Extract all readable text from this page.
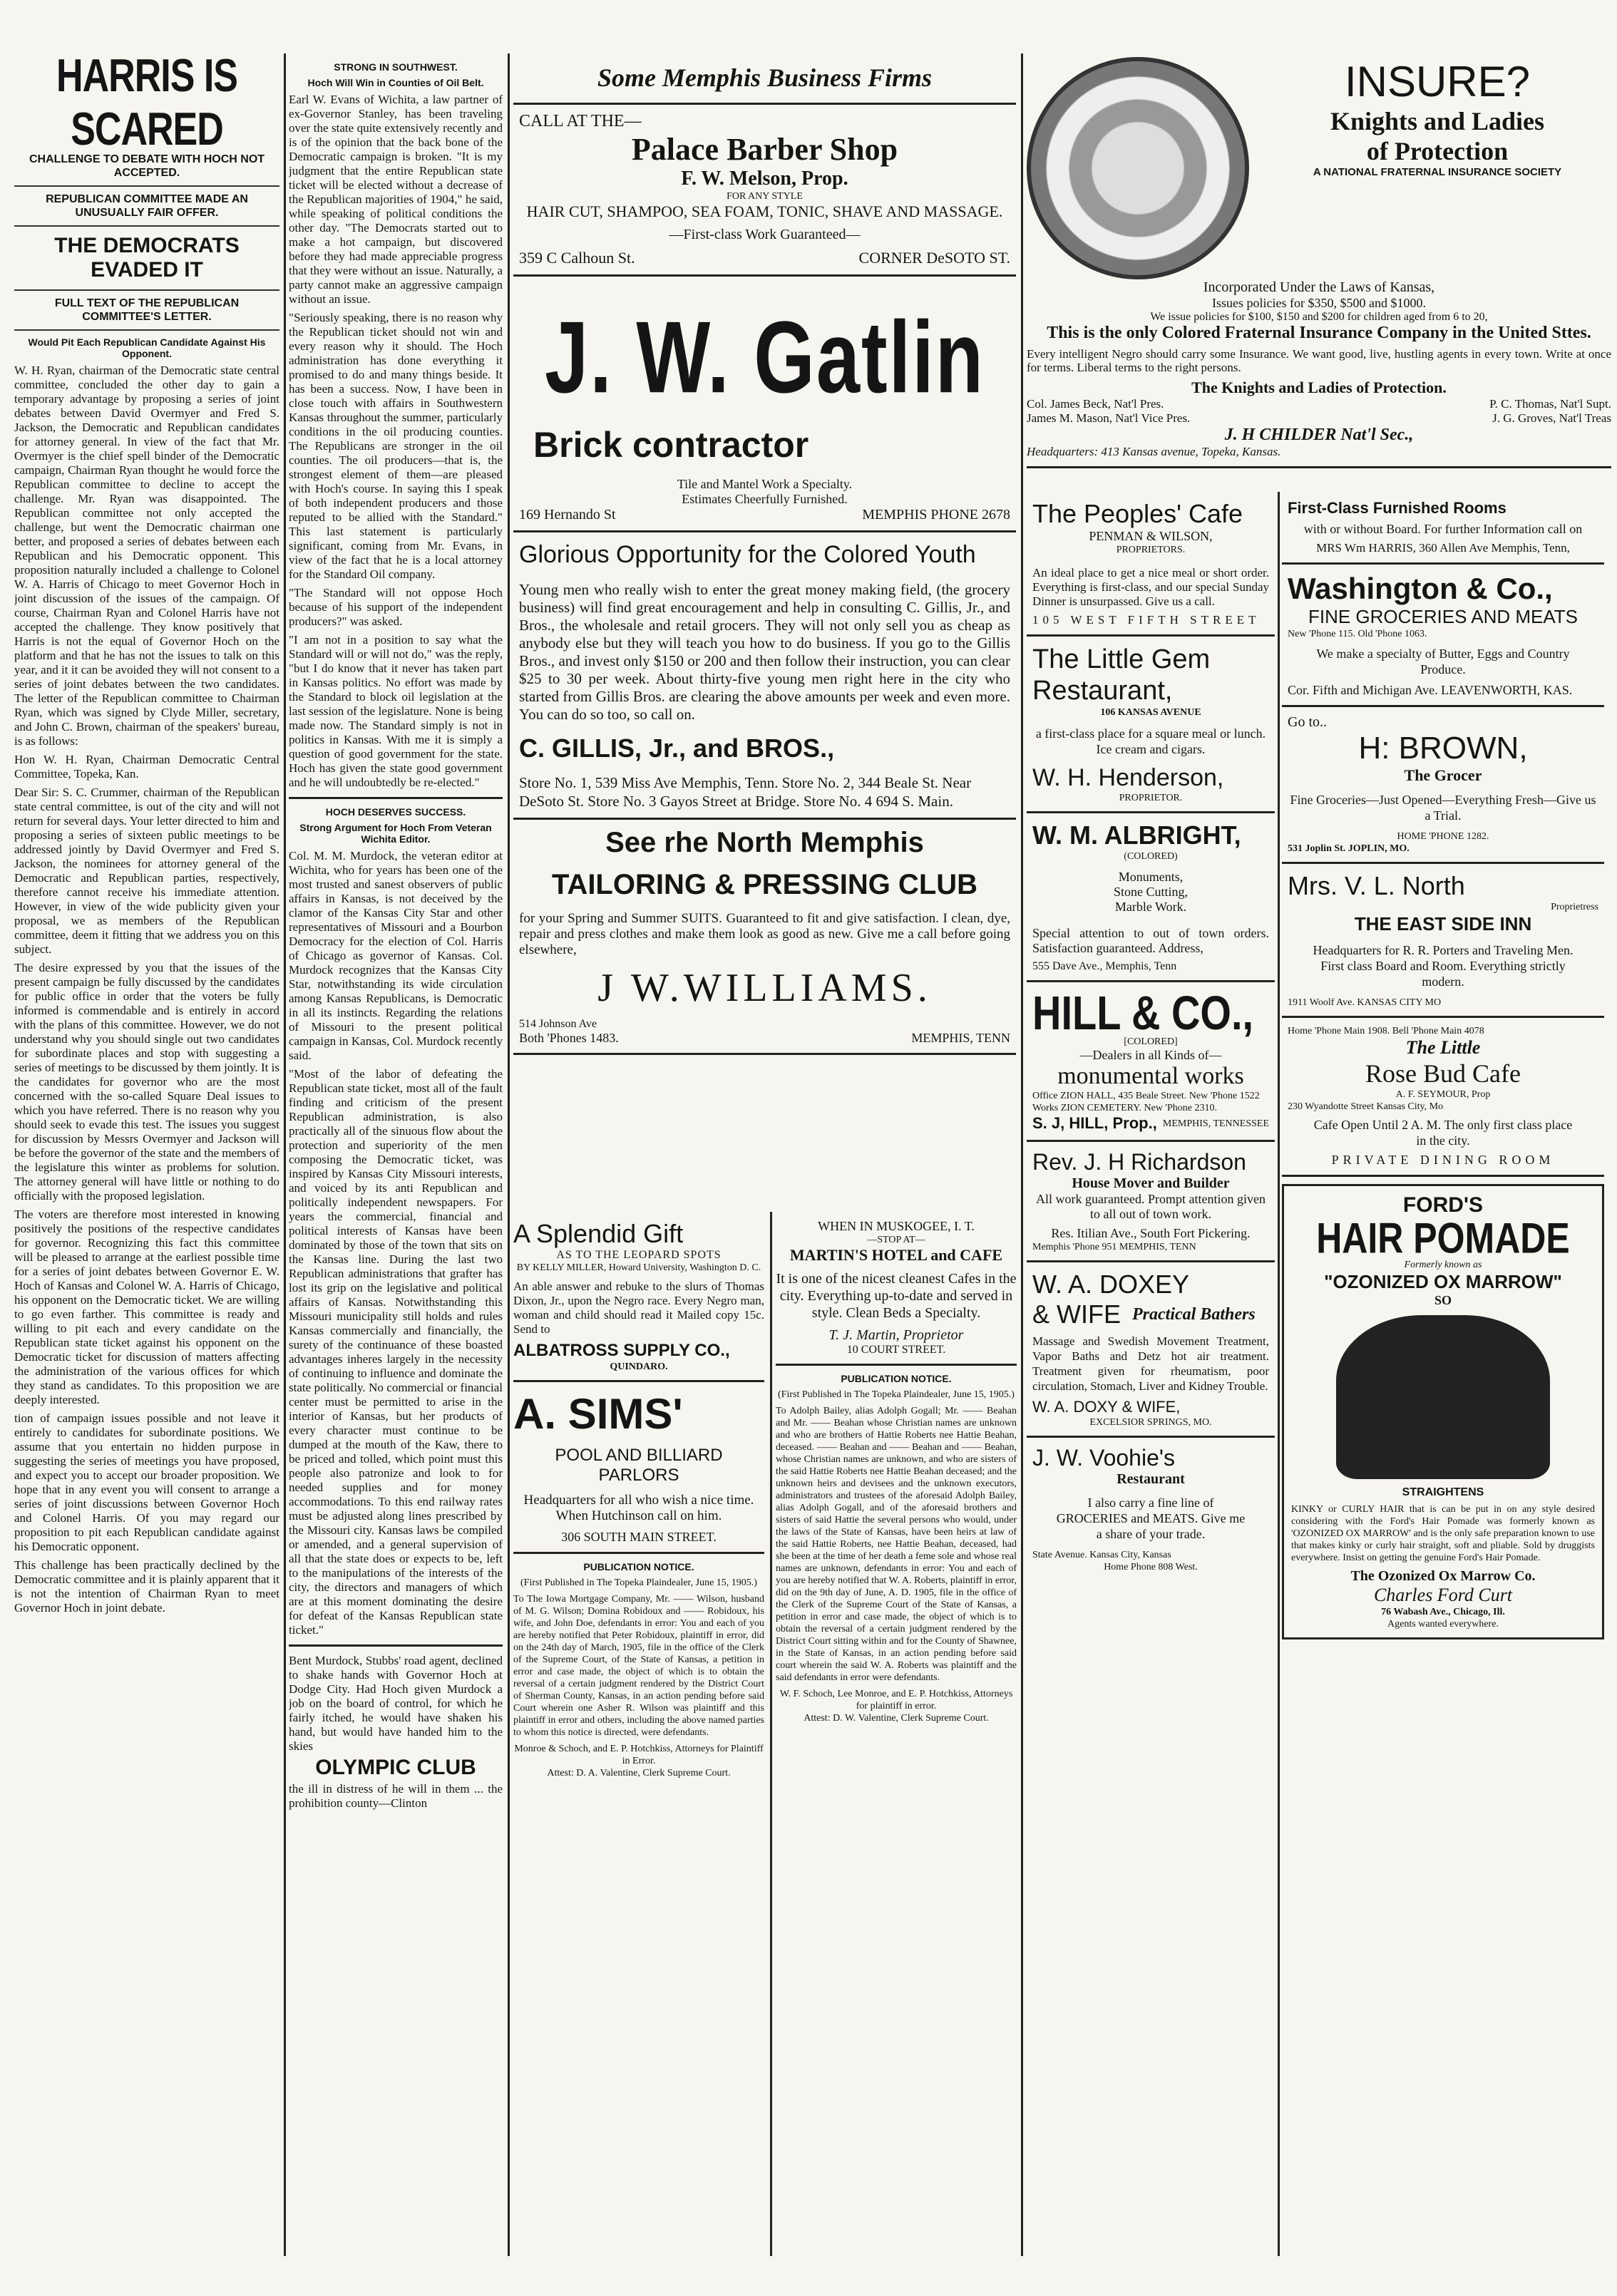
HARRIS IS SCARED
CHALLENGE TO DEBATE WITH HOCH NOT ACCEPTED.
REPUBLICAN COMMITTEE MADE AN UNUSUALLY FAIR OFFER.
THE DEMOCRATS EVADED IT
FULL TEXT OF THE REPUBLICAN COMMITTEE'S LETTER.
Would Pit Each Republican Candidate Against His Opponent.

W. H. Ryan, chairman of the Democratic state central committee, concluded the other day to gain a temporary advantage by proposing a series of joint debates between David Overmyer and Fred S. Jackson, the Democratic and Republican candidates for attorney general. In view of the fact that Mr. Overmyer is the chief spell binder of the Democratic campaign, Chairman Ryan thought he would force the Republican committee to decline to accept the challenge. Mr. Ryan was disappointed. The Republican committee not only accepted the challenge, but went the Democratic chairman one better, and proposed a series of debates between each Republican and his Democratic opponent. This proposition naturally included a challenge to Colonel W. A. Harris of Chicago to meet Governor Hoch in joint discussion of the issues of the campaign. Of course, Chairman Ryan and Colonel Harris have not accepted the challenge. They know positively that Harris is not the equal of Governor Hoch on the platform and that he has not the issues to talk on this year, and it it can be avoided they will not consent to a series of joint debates between the two candidates. The letter of the Republican committee to Chairman Ryan, which was signed by Clyde Miller, secretary, and John C. Brown, chairman of the speakers' bureau, is as follows:

Hon W. H. Ryan, Chairman Democratic Central Committee, Topeka, Kan.

Dear Sir: S. C. Crummer, chairman of the Republican state central committee, is out of the city and will not return for several days. Your letter directed to him and proposing a series of sixteen public meetings to be addressed jointly by David Overmyer and Fred S. Jackson, the nominees for attorney general of the Democratic and Republican parties, respectively, therefore cannot receive his immediate attention. However, in view of the wide publicity given your proposal, we as members of the Republican committee, deem it fitting that we address you on this subject.

The desire expressed by you that the issues of the present campaign be fully discussed by the candidates for public office in order that the voters be fully informed is commendable and is entirely in accord with the plans of this committee. However, we do not understand why you should single out two candidates for subordinate places and stop with suggesting a series of meetings to be discussed by them jointly. It is the candidates for governor who are the most concerned with the so-called Square Deal issues to which you have referred. There is no reason why you should seek to evade this test. The issues you suggest for discussion by Messrs Overmyer and Jackson will be before the governor of the state and the members of the legislature this winter as problems for solution. The attorney general will have little or nothing to do officially with the proposed legislation.

The voters are therefore most interested in knowing positively the positions of the respective candidates for governor. Recognizing this fact this committee will be pleased to arrange at the earliest possible time for a series of joint debates between Governor E. W. Hoch of Kansas and Colonel W. A. Harris of Chicago, his opponent on the Democratic ticket. We are willing to go even farther. This committee is ready and willing to pit each and every candidate on the Republican state ticket against his opponent on the Democratic ticket for discussion of matters affecting the administration of the various offices for which they stand as candidates. To this proposition we are deeply interested.

tion of campaign issues possible and not leave it entirely to candidates for subordinate positions. We assume that you entertain no hidden purpose in suggesting the series of meetings you have proposed, and expect you to accept our broader proposition. We hope that in any event you will consent to arrange a series of joint discussions between Governor Hoch and Colonel Harris. Of you may regard our proposition to pit each Republican candidate against his Democratic opponent.

This challenge has been practically declined by the Democratic committee and it is plainly apparent that it is not the intention of Chairman Ryan to meet Governor Hoch in joint debate.

STRONG IN SOUTHWEST.
Hoch Will Win in Counties of Oil Belt.

Earl W. Evans of Wichita, a law partner of ex-Governor Stanley, has been traveling over the state quite extensively recently and is of the opinion that the back bone of the Democratic campaign is broken. "It is my judgment that the entire Republican state ticket will be elected without a decrease of the Republican majorities of 1904," he said, while speaking of political conditions the other day. "The Democrats started out to make a hot campaign, but discovered before they had made appreciable progress that they were without an issue. Naturally, a party cannot make an aggressive campaign without an issue.

"Seriously speaking, there is no reason why the Republican ticket should not win and every reason why it should. The Hoch administration has done everything it promised to do and many things beside. It has been a success. Now, I have been in close touch with affairs in Southwestern Kansas throughout the summer, particularly conditions in the oil producing counties. The Republicans are stronger in the oil counties. The oil producers—that is, the strongest element of them—are pleased with Hoch's course. In saying this I speak of both independent producers and those reputed to be allied with the Standard." This last statement is particularly significant, coming from Mr. Evans, in view of the fact that he is a local attorney for the Standard Oil company.

"The Standard will not oppose Hoch because of his support of the independent producers?" was asked.

"I am not in a position to say what the Standard will or will not do," was the reply, "but I do know that it never has taken part in Kansas politics. No effort was made by the Standard to block oil legislation at the last session of the legislature. None is being made now. The Standard simply is not in politics in Kansas. With me it is simply a question of good government for the state. Hoch has given the state good government and he will undoubtedly be re-elected."

HOCH DESERVES SUCCESS.
Strong Argument for Hoch From Veteran Wichita Editor.

Col. M. M. Murdock, the veteran editor at Wichita, who for years has been one of the most trusted and sanest observers of public affairs in Kansas, is not deceived by the clamor of the Kansas City Star and other representatives of Missouri and a Bourbon Democracy for the election of Col. Harris of Chicago as governor of Kansas. Col. Murdock recognizes that the Kansas City Star, notwithstanding its wide circulation among Kansas Republicans, is Democratic in all its instincts. Regarding the relations of Missouri to the present political campaign in Kansas, Col. Murdock recently said.

"Most of the labor of defeating the Republican state ticket, most all of the fault finding and criticism of the present Republican administration, is also practically all of the sinuous flow about the protection and superiority of the men composing the Democratic ticket, was inspired by Kansas City Missouri interests, and voiced by its anti Republican and politically independent newspapers. For years the commercial, financial and political interests of Kansas have been dominated by those of the town that sits on the Kansas line. During the last two Republican administrations that grafter has lost its grip on the legislative and political affairs of Kansas. Notwithstanding this Missouri municipality still holds and rules Kansas commercially and financially, the surety of the continuance of these boasted advantages inheres largely in the necessity of continuing to influence and dominate the state politically. No commercial or financial center must be permitted to arise in the interior of Kansas, but her products of every character must continue to be dumped at the mouth of the Kaw, there to be priced and tolled, which point must this people also patronize and look to for needed supplies and for money accommodations. To this end railway rates must be adjusted along lines prescribed by the Missouri city. Kansas laws be compiled or amended, and a general supervision of all that the state does or expects to be, left to the manipulations of the interests of the city, the directors and managers of which are at this moment dominating the desire for defeat of the Kansas Republican state ticket."

Bent Murdock, Stubbs' road agent, declined to shake hands with Governor Hoch at Dodge City. Had Hoch given Murdock a job on the board of control, for which he fairly itched, he would have shaken his hand, but would have handed him to the skies

OLYMPIC CLUB

the ill in distress of he will in them ... the prohibition county—Clinton

Some Memphis Business Firms
CALL AT THE—
Palace Barber Shop
F. W. Melson, Prop.
FOR ANY STYLE
HAIR CUT, SHAMPOO, SEA FOAM, TONIC, SHAVE AND MASSAGE.
—First-class Work Guaranteed—
359 C Calhoun St.	CORNER DeSOTO ST.
J. W. Gatlin
Brick contractor
Tile and Mantel Work a Specialty.
Estimates Cheerfully Furnished.
169 Hernando St	MEMPHIS PHONE 2678
Glorious Opportunity for the Colored Youth

Young men who really wish to enter the great money making field, (the grocery business) will find great encouragement and help in consulting C. Gillis, Jr., and Bros., the wholesale and retail grocers. They will not only sell you as cheap as anybody else but they will teach you how to do business. If you go to the Gillis Bros., and invest only $150 or 200 and then follow their instruction, you can clear $25 to 30 per week. About thirty-five young men right here in the city who started from Gillis Bros. are clearing the above amounts per week and even more. You can do so too, so call on.

C. GILLIS, Jr., and BROS.,
Store No. 1, 539 Miss Ave Memphis, Tenn. Store No. 2, 344 Beale St. Near DeSoto St. Store No. 3 Gayos Street at Bridge. Store No. 4 694 S. Main.
See rhe North Memphis
TAILORING & PRESSING CLUB

for your Spring and Summer SUITS. Guaranteed to fit and give satisfaction. I clean, dye, repair and press clothes and make them look as good as new. Give me a call before going elsewhere,

J W.WILLIAMS.
514 Johnson Ave
Both 'Phones 1483.	MEMPHIS, TENN
A Splendid Gift
AS TO THE LEOPARD SPOTS
BY KELLY MILLER, Howard University, Washington D. C.

An able answer and rebuke to the slurs of Thomas Dixon, Jr., upon the Negro race. Every Negro man, woman and child should read it Mailed copy 15c. Send to

ALBATROSS SUPPLY CO.,
QUINDARO.
A. SIMS'
POOL AND BILLIARD PARLORS

Headquarters for all who wish a nice time. When Hutchinson call on him.

306 SOUTH MAIN STREET.
PUBLICATION NOTICE.
(First Published in The Topeka Plaindealer, June 15, 1905.)

To The Iowa Mortgage Company, Mr. —— Wilson, husband of M. G. Wilson; Domina Robidoux and —— Robidoux, his wife, and John Doe, defendants in error: You and each of you are hereby notified that Peter Robidoux, plaintiff in error, did on the 24th day of March, 1905, file in the office of the Clerk of the Supreme Court, of the State of Kansas, a petition in error and case made, the object of which is to obtain the reversal of a certain judgment rendered by the District Court of Sherman County, Kansas, in an action pending before said Court wherein one Asher R. Wilson was plaintiff and this plaintiff in error and others, including the above named parties to whom this notice is directed, were defendants.

Monroe & Schoch, and E. P. Hotchkiss, Attorneys for Plaintiff in Error.
Attest: D. A. Valentine, Clerk Supreme Court.
WHEN IN MUSKOGEE, I. T.
—STOP AT—
MARTIN'S HOTEL and CAFE

It is one of the nicest cleanest Cafes in the city. Everything up-to-date and served in style. Clean Beds a Specialty.

T. J. Martin, Proprietor
10 COURT STREET.
PUBLICATION NOTICE.
(First Published in The Topeka Plaindealer, June 15, 1905.)

To Adolph Bailey, alias Adolph Gogall; Mr. —— Beahan and Mr. —— Beahan whose Christian names are unknown and who are brothers of Hattie Roberts nee Hattie Beahan, deceased. —— Beahan and —— Beahan and —— Beahan, whose Christian names are unknown, and who are sisters of the said Hattie Roberts nee Hattie Beahan deceased; and the unknown heirs and devisees and the unknown executors, administrators and trustees of the aforesaid Adolph Bailey, alias Adolph Gogall, and of the aforesaid brothers and sisters of said Hattie the several persons who would, under the laws of the State of Kansas, have been heirs at law of the said Hattie Roberts, nee Hattie Beahan, deceased, had she been at the time of her death a feme sole and whose real names are unknown, defendants in error: You and each of you are hereby notified that W. A. Roberts, plaintiff in error, did on the 9th day of June, A. D. 1905, file in the office of the Clerk of the Supreme Court of the State of Kansas, a petition in error and case made, the object of which is to obtain the reversal of a certain judgment rendered by the District Court sitting within and for the County of Shawnee, in the State of Kansas, in an action pending before said court wherein the said W. A. Roberts was plaintiff and the said defendants in error were defendants.

W. F. Schoch, Lee Monroe, and E. P. Hotchkiss, Attorneys for plaintiff in error.
Attest: D. W. Valentine, Clerk Supreme Court.
INSURE?
Knights and Ladies
of Protection
A NATIONAL FRATERNAL INSURANCE SOCIETY
Incorporated Under the Laws of Kansas,
Issues policies for $350, $500 and $1000.
We issue policies for $100, $150 and $200 for children aged from 6 to 20,
This is the only Colored Fraternal Insurance Company in the United Sttes.

Every intelligent Negro should carry some Insurance. We want good, live, hustling agents in every town. Write at once for terms. Liberal terms to the right persons.

The Knights and Ladies of Protection.
Col. James Beck, Nat'l Pres.	P. C. Thomas, Nat'l Supt.
James M. Mason, Nat'l Vice Pres.	J. G. Groves, Nat'l Treas
J. H CHILDER Nat'l Sec.,
Headquarters: 413 Kansas avenue, Topeka, Kansas.
The Peoples' Cafe
PENMAN & WILSON,
PROPRIETORS.

An ideal place to get a nice meal or short order. Everything is first-class, and our special Sunday Dinner is unsurpassed. Give us a call.

105 WEST FIFTH STREET
The Little Gem Restaurant,
106 KANSAS AVENUE

a first-class place for a square meal or lunch. Ice cream and cigars.

W. H. Henderson,
PROPRIETOR.
W. M. ALBRIGHT,
(COLORED)
Monuments,
Stone Cutting,
Marble Work.

Special attention to out of town orders. Satisfaction guaranteed. Address,

555 Dave Ave., Memphis, Tenn
HILL & CO.,
[COLORED]
—Dealers in all Kinds of—
monumental works
Office ZION HALL, 435 Beale Street. New 'Phone 1522
Works ZION CEMETERY. New 'Phone 2310.
S. J, HILL, Prop., MEMPHIS, TENNESSEE
Rev. J. H Richardson
House Mover and Builder

All work guaranteed. Prompt attention given to all out of town work.

Res. Itilian Ave., South Fort Pickering.
Memphis 'Phone 951 MEMPHIS, TENN
W. A. DOXEY
& WIFE Practical Bathers

Massage and Swedish Movement Treatment, Vapor Baths and Detz hot air treatment. Treatment given for rheumatism, poor circulation, Stomach, Liver and Kidney Trouble.

W. A. DOXY & WIFE,
EXCELSIOR SPRINGS, MO.
J. W. Voohie's
Restaurant

I also carry a fine line of GROCERIES and MEATS. Give me a share of your trade.

State Avenue. Kansas City, Kansas
Home Phone 808 West.
First-Class Furnished Rooms

with or without Board. For further Information call on

MRS Wm HARRIS, 360 Allen Ave Memphis, Tenn,
Washington & Co.,
FINE GROCERIES AND MEATS
New 'Phone 115. Old 'Phone 1063.

We make a specialty of Butter, Eggs and Country Produce.

Cor. Fifth and Michigan Ave. LEAVENWORTH, KAS.
Go to..
H: BROWN,
The Grocer

Fine Groceries—Just Opened—Everything Fresh—Give us a Trial.

HOME 'PHONE 1282.
531 Joplin St. JOPLIN, MO.
Mrs. V. L. North
Proprietress
THE EAST SIDE INN

Headquarters for R. R. Porters and Traveling Men. First class Board and Room. Everything strictly modern.

1911 Woolf Ave. KANSAS CITY MO
Home 'Phone Main 1908. Bell 'Phone Main 4078
The Little
Rose Bud Cafe
A. F. SEYMOUR, Prop
230 Wyandotte Street Kansas City, Mo

Cafe Open Until 2 A. M. The only first class place in the city.

PRIVATE DINING ROOM
FORD'S
HAIR POMADE
Formerly known as
"OZONIZED OX MARROW"
SO
STRAIGHTENS

KINKY or CURLY HAIR that is can be put in on any style desired considering with the Ford's Hair Pomade was formerly known as 'OZONIZED OX MARROW' and is the only safe preparation known to use that makes kinky or curly hair straight, soft and pliable. Sold by druggists everywhere. Insist on getting the genuine Ford's Hair Pomade.

The Ozonized Ox Marrow Co.
Charles Ford Curt
76 Wabash Ave., Chicago, Ill.
Agents wanted everywhere.
